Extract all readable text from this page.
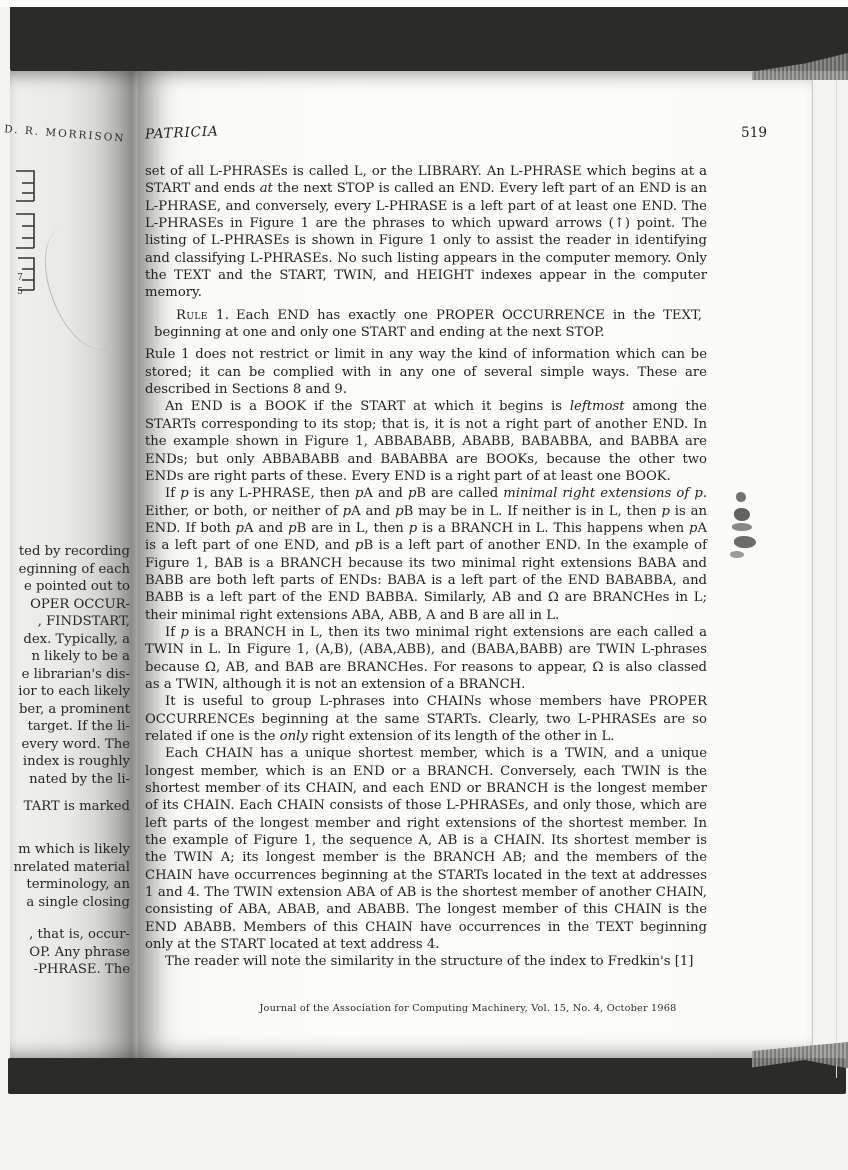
D. R. MORRISON
7
5
ted by recording
eginning of each
e pointed out to
OPER OCCUR-
, FINDSTART,
dex. Typically, a
n likely to be a
e librarian's dis-
ior to each likely
ber, a prominent
target. If the li-
every word. The
index is roughly
nated by the li-
TART is marked
m which is likely
nrelated material
terminology, an
a single closing
, that is, occur-
OP. Any phrase
-PHRASE. The
PATRICIA	519

set of all L-PHRASEs is called L, or the LIBRARY. An L-PHRASE which begins at a START and ends at the next STOP is called an END. Every left part of an END is an L-PHRASE, and conversely, every L-PHRASE is a left part of at least one END. The L-PHRASEs in Figure 1 are the phrases to which upward arrows (↑) point. The listing of L-PHRASEs is shown in Figure 1 only to assist the reader in identifying and classifying L-PHRASEs. No such listing appears in the computer memory. Only the TEXT and the START, TWIN, and HEIGHT indexes appear in the computer memory.

Rule 1. Each END has exactly one PROPER OCCURRENCE in the TEXT, beginning at one and only one START and ending at the next STOP.

Rule 1 does not restrict or limit in any way the kind of information which can be stored; it can be complied with in any one of several simple ways. These are described in Sections 8 and 9.

An END is a BOOK if the START at which it begins is leftmost among the STARTs corresponding to its stop; that is, it is not a right part of another END. In the example shown in Figure 1, ABBABABB, ABABB, BABABBA, and BABBA are ENDs; but only ABBABABB and BABABBA are BOOKs, because the other two ENDs are right parts of these. Every END is a right part of at least one BOOK.

If p is any L-PHRASE, then pA and pB are called minimal right extensions of p. Either, or both, or neither of pA and pB may be in L. If neither is in L, then p is an END. If both pA and pB are in L, then p is a BRANCH in L. This happens when pA is a left part of one END, and pB is a left part of another END. In the example of Figure 1, BAB is a BRANCH because its two minimal right extensions BABA and BABB are both left parts of ENDs: BABA is a left part of the END BABABBA, and BABB is a left part of the END BABBA. Similarly, AB and Ω are BRANCHes in L; their minimal right extensions ABA, ABB, A and B are all in L.

If p is a BRANCH in L, then its two minimal right extensions are each called a TWIN in L. In Figure 1, (A,B), (ABA,ABB), and (BABA,BABB) are TWIN L-phrases because Ω, AB, and BAB are BRANCHes. For reasons to appear, Ω is also classed as a TWIN, although it is not an extension of a BRANCH.

It is useful to group L-phrases into CHAINs whose members have PROPER OCCURRENCEs beginning at the same STARTs. Clearly, two L-PHRASEs are so related if one is the only right extension of its length of the other in L.

Each CHAIN has a unique shortest member, which is a TWIN, and a unique longest member, which is an END or a BRANCH. Conversely, each TWIN is the shortest member of its CHAIN, and each END or BRANCH is the longest member of its CHAIN. Each CHAIN consists of those L-PHRASEs, and only those, which are left parts of the longest member and right extensions of the shortest member. In the example of Figure 1, the sequence A, AB is a CHAIN. Its shortest member is the TWIN A; its longest member is the BRANCH AB; and the members of the CHAIN have occurrences beginning at the STARTs located in the text at addresses 1 and 4. The TWIN extension ABA of AB is the shortest member of another CHAIN, consisting of ABA, ABAB, and ABABB. The longest member of this CHAIN is the END ABABB. Members of this CHAIN have occurrences in the TEXT beginning only at the START located at text address 4.

The reader will note the similarity in the structure of the index to Fredkin's [1]

Journal of the Association for Computing Machinery, Vol. 15, No. 4, October 1968
